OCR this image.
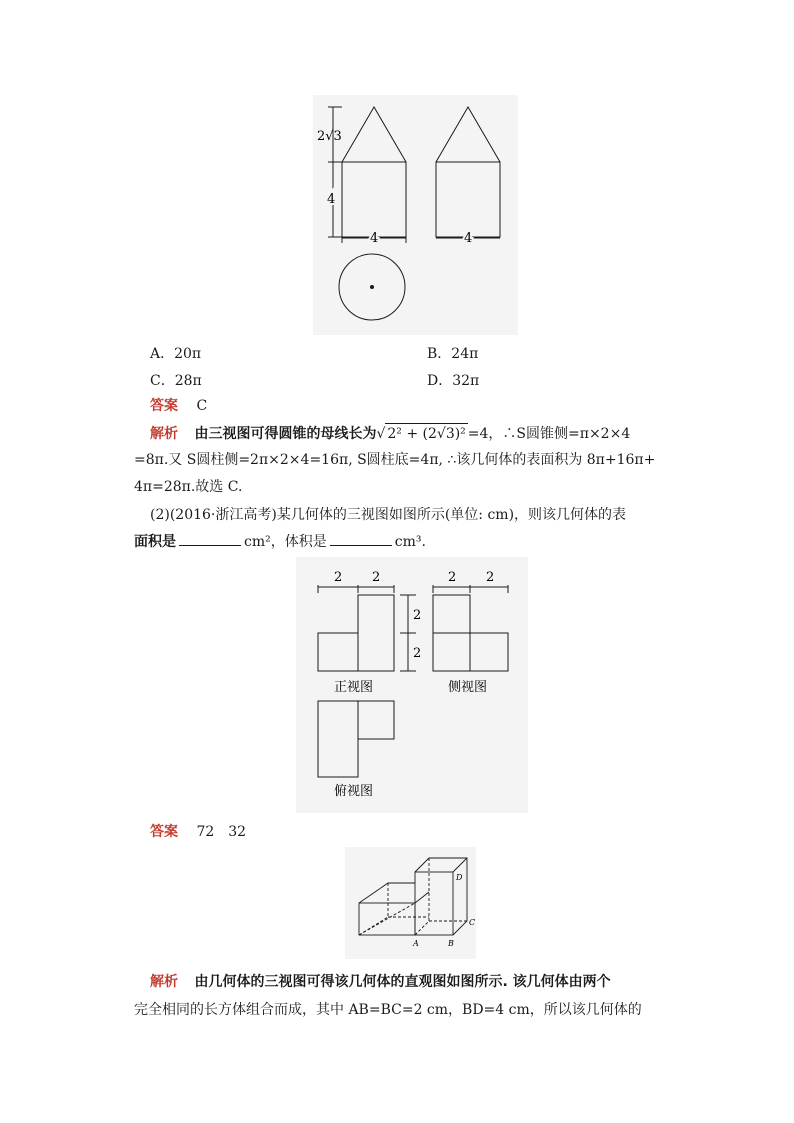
2√3
4
4	4
A．20π	B．24π
C．28π	D．32π
答案 C
解析 由三视图可得圆锥的母线长为√ 2² + (2√3)² =4，∴S圆锥侧=π×2×4
=8π.又 S圆柱侧=2π×2×4=16π, S圆柱底=4π, ∴该几何体的表面积为 8π+16π+
4π=28π.故选 C.
(2)(2016·浙江高考)某几何体的三视图如图所示(单位: cm)，则该几何体的表
面积是	cm²，体积是	cm³.
2 2
2
2
2 2
正视图	侧视图
俯视图
答案 72　32
A	B
C
D
解析 由几何体的三视图可得该几何体的直观图如图所示. 该几何体由两个
完全相同的长方体组合而成，其中 AB=BC=2 cm，BD=4 cm，所以该几何体的
